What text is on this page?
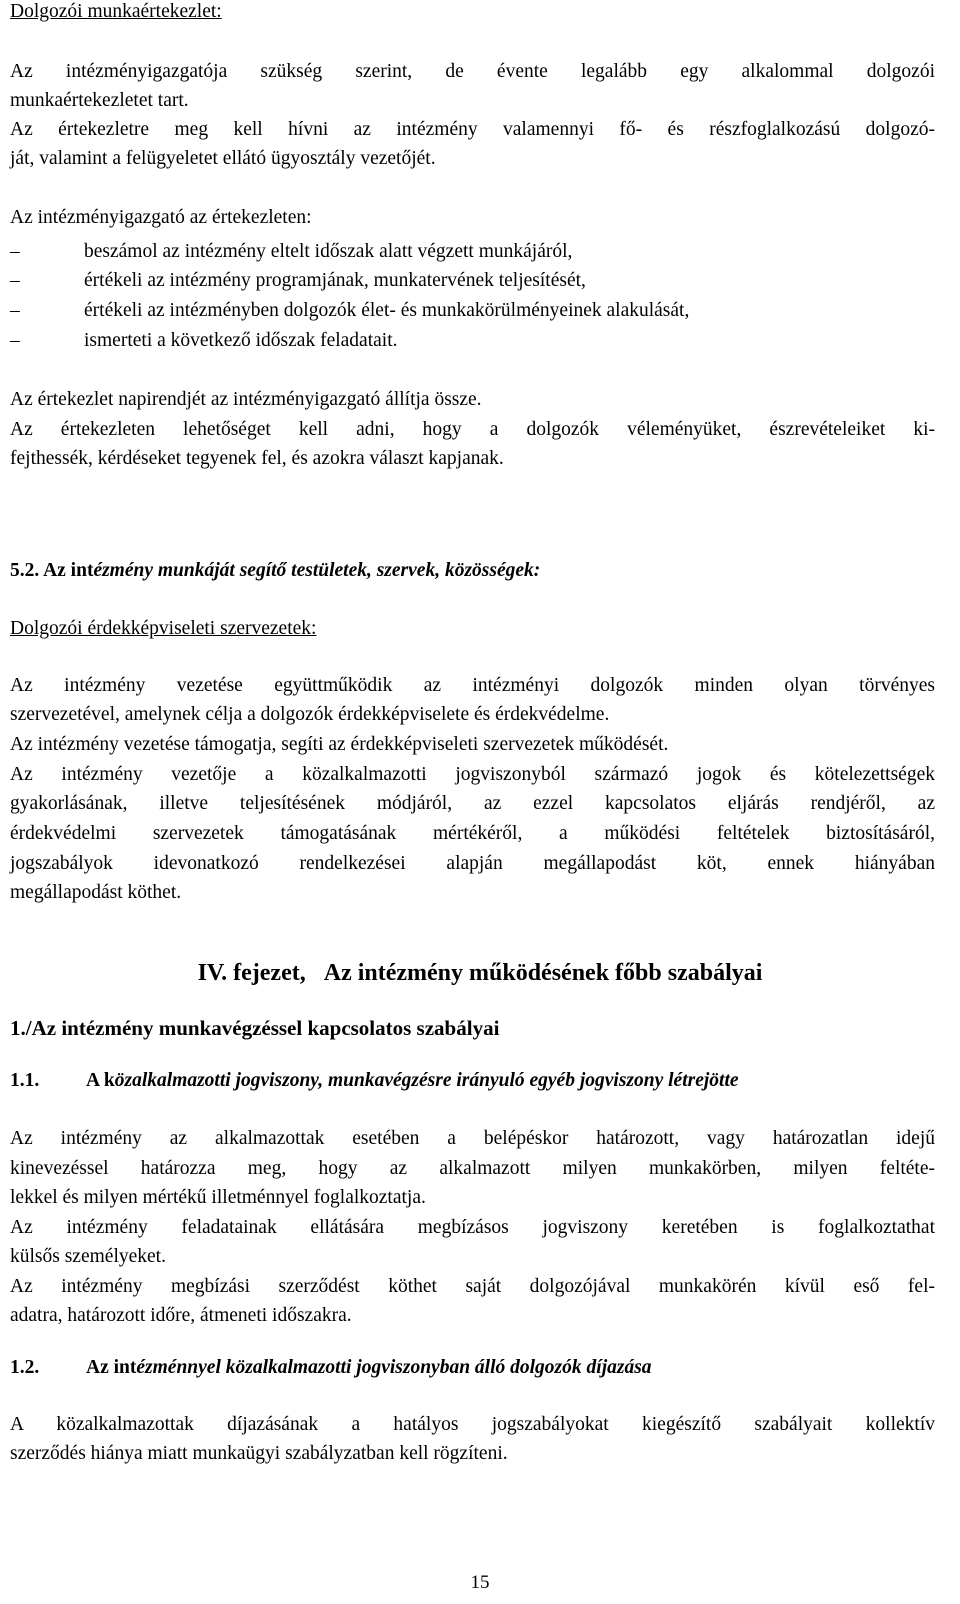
Dolgozói munkaértekezlet:
Az intézményigazgatója szükség szerint, de évente legalább egy alkalommal dolgozói
munkaértekezletet tart.
Az értekezletre meg kell hívni az intézmény valamennyi fő- és részfoglalkozású dolgozó-
ját, valamint a felügyeletet ellátó ügyosztály vezetőjét.
Az intézményigazgató az értekezleten:
–	beszámol az intézmény eltelt időszak alatt végzett munkájáról,
–	értékeli az intézmény programjának, munkatervének teljesítését,
–	értékeli az intézményben dolgozók élet- és munkakörülményeinek alakulását,
–	ismerteti a következő időszak feladatait.
Az értekezlet napirendjét az intézményigazgató állítja össze.
Az értekezleten lehetőséget kell adni, hogy a dolgozók véleményüket, észrevételeiket ki-
fejthessék, kérdéseket tegyenek fel, és azokra választ kapjanak.
5.2. Az intézmény munkáját segítő testületek, szervek, közösségek:
Dolgozói érdekképviseleti szervezetek:
Az intézmény vezetése együttműködik az intézményi dolgozók minden olyan törvényes
szervezetével, amelynek célja a dolgozók érdekképviselete és érdekvédelme.
Az intézmény vezetése támogatja, segíti az érdekképviseleti szervezetek működését.
Az intézmény vezetője a közalkalmazotti jogviszonyból származó jogok és kötelezettségek
gyakorlásának, illetve teljesítésének módjáról, az ezzel kapcsolatos eljárás rendjéről, az
érdekvédelmi szervezetek támogatásának mértékéről, a működési feltételek biztosításáról,
jogszabályok idevonatkozó rendelkezései alapján megállapodást köt, ennek hiányában
megállapodást köthet.
IV. fejezet, Az intézmény működésének főbb szabályai
1./Az intézmény munkavégzéssel kapcsolatos szabályai
1.1. A közalkalmazotti jogviszony, munkavégzésre irányuló egyéb jogviszony létrejötte
Az intézmény az alkalmazottak esetében a belépéskor határozott, vagy határozatlan idejű
kinevezéssel határozza meg, hogy az alkalmazott milyen munkakörben, milyen feltéte-
lekkel és milyen mértékű illetménnyel foglalkoztatja.
Az intézmény feladatainak ellátására megbízásos jogviszony keretében is foglalkoztathat
külsős személyeket.
Az intézmény megbízási szerződést köthet saját dolgozójával munkakörén kívül eső fel-
adatra, határozott időre, átmeneti időszakra.
1.2. Az intézménnyel közalkalmazotti jogviszonyban álló dolgozók díjazása
A közalkalmazottak díjazásának a hatályos jogszabályokat kiegészítő szabályait kollektív
szerződés hiánya miatt munkaügyi szabályzatban kell rögzíteni.
15
